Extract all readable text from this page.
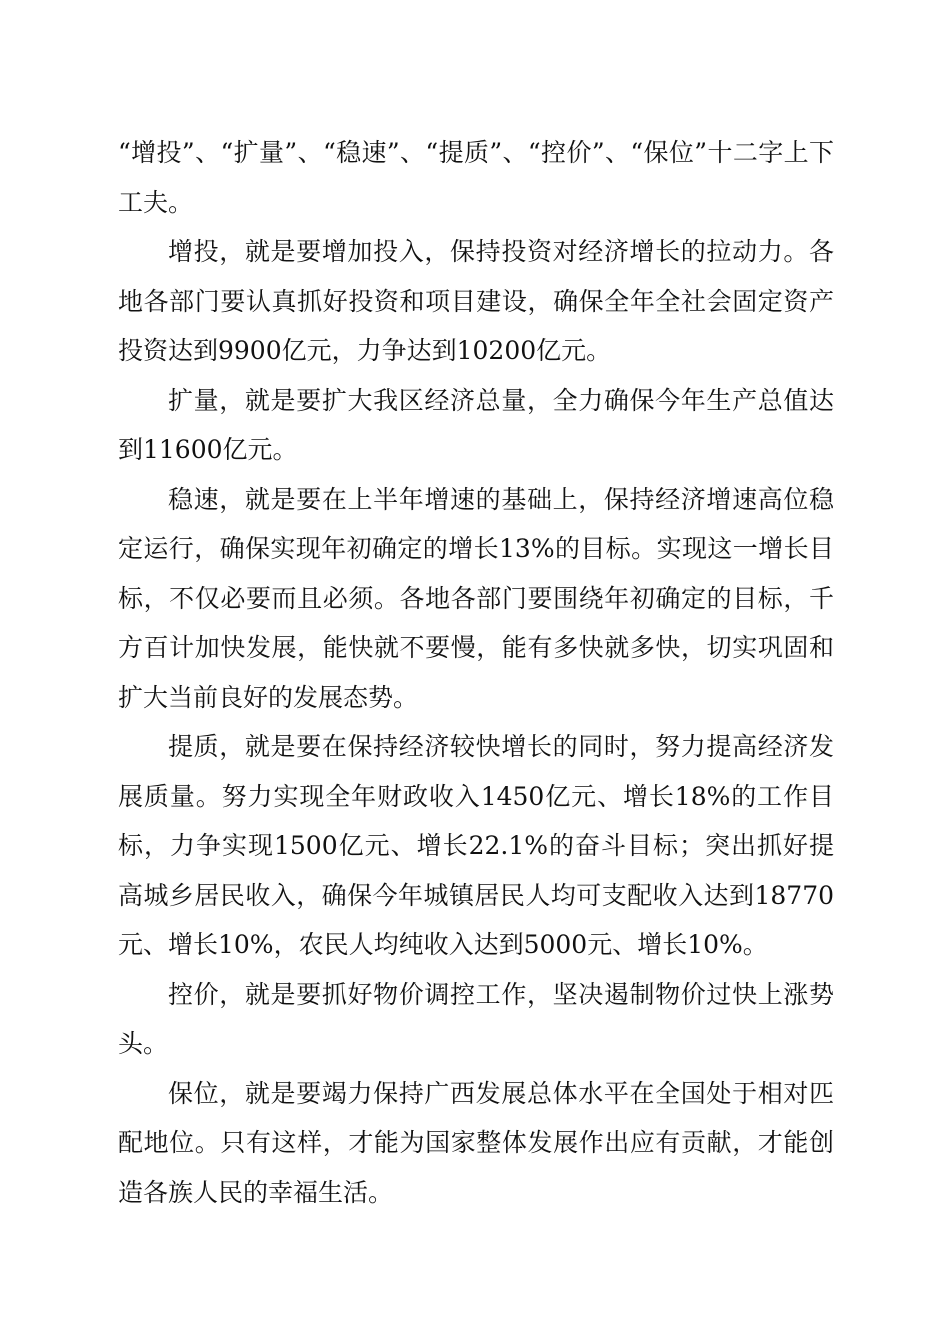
“增投”、“扩量”、“稳速”、“提质”、“控价”、“保位”十二字上下工夫。

增投，就是要增加投入，保持投资对经济增长的拉动力。各地各部门要认真抓好投资和项目建设，确保全年全社会固定资产投资达到9900亿元，力争达到10200亿元。

扩量，就是要扩大我区经济总量，全力确保今年生产总值达到11600亿元。

稳速，就是要在上半年增速的基础上，保持经济增速高位稳定运行，确保实现年初确定的增长13%的目标。实现这一增长目标，不仅必要而且必须。各地各部门要围绕年初确定的目标，千方百计加快发展，能快就不要慢，能有多快就多快，切实巩固和扩大当前良好的发展态势。

提质，就是要在保持经济较快增长的同时，努力提高经济发展质量。努力实现全年财政收入1450亿元、增长18%的工作目标，力争实现1500亿元、增长22.1%的奋斗目标；突出抓好提高城乡居民收入，确保今年城镇居民人均可支配收入达到18770元、增长10%，农民人均纯收入达到5000元、增长10%。

控价，就是要抓好物价调控工作，坚决遏制物价过快上涨势头。

保位，就是要竭力保持广西发展总体水平在全国处于相对匹配地位。只有这样，才能为国家整体发展作出应有贡献，才能创造各族人民的幸福生活。
